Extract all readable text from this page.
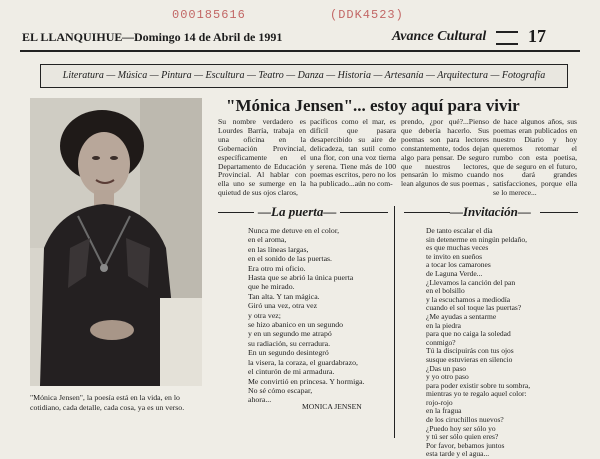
000185616	(DDK4523)
EL LLANQUIHUE —Domingo 14 de Abril de 1991	Avance Cultural 17
Literatura — Música — Pintura — Escultura — Teatro — Danza — Historia — Artesanía — Arquitectura — Fotografía
"Mónica Jensen", la poesía está en la vida, en lo cotidiano, cada detalle, cada cosa, ya es un verso.
"Mónica Jensen"... estoy aquí para vivir
Su nombre verdadero es Lourdes Barría, trabaja en una oficina en la Gobernación Provincial, específicamente en el Departamento de Educación Provincial. Al hablar con ella uno se sumerge en la quietud de sus ojos claros,
pacíficos como el mar, es difícil que pasara desapercibido su aire de delicadeza, tan sutil como una flor, con una voz tierna y serena. Tiene más de 100 poemas escritos, pero no los ha publicado...aún no com-
prendo, ¿por qué?...Pienso que debería hacerlo. Sus poemas son para lectores constantemente, todos dejan algo para pensar. De seguro que nuestros lectores, pensarán lo mismo cuando lean algunos de sus poemas ,
de hace algunos años, sus poemas eran publicados en nuestro Diario y hoy queremos retomar el rumbo con esta poetisa, que de seguro en el futuro, nos dará grandes satisfacciones, porque ella se lo merece...
—La puerta—
Nunca me detuve en el color,
en el aroma,
en las líneas largas,
en el sonido de las puertas.
Era otro mi oficio.
Hasta que se abrió la única puerta
que he mirado.
Tan alta. Y tan mágica.
Giró una vez, otra vez
y otra vez;
se hizo abanico en un segundo
y en un segundo me atrapó
su radiación, su cerradura.
En un segundo desintegró
la visera, la coraza, el guardabrazo,
el cinturón de mi armadura.
Me convirtió en princesa. Y hormiga.
No sé cómo escapar,
ahora...
MONICA JENSEN
—Invitación—
De tanto escalar el día
sin detenerme en ningún peldaño,
es que muchas veces
te invito en sueños
a tocar los camarones
de Laguna Verde...
¿Llevamos la canción del pan
en el bolsillo
y la escuchamos a mediodía
cuando el sol toque las puertas?
¿Me ayudas a sentarme
en la piedra
para que no caiga la soledad
conmigo?
Tú la discipuirás con tus ojos
susque estuvieras en silencio
¿Das un paso
y yo otro paso
para poder existir sobre tu sombra,
mientras yo te regalo aquel color:
rojo-rojo
en la fragua
de los ciruchillos nuevos?
¿Puedo hoy ser sólo yo
y tú ser sólo quien eres?
Por favor, bebamos juntos
esta tarde y el agua...
